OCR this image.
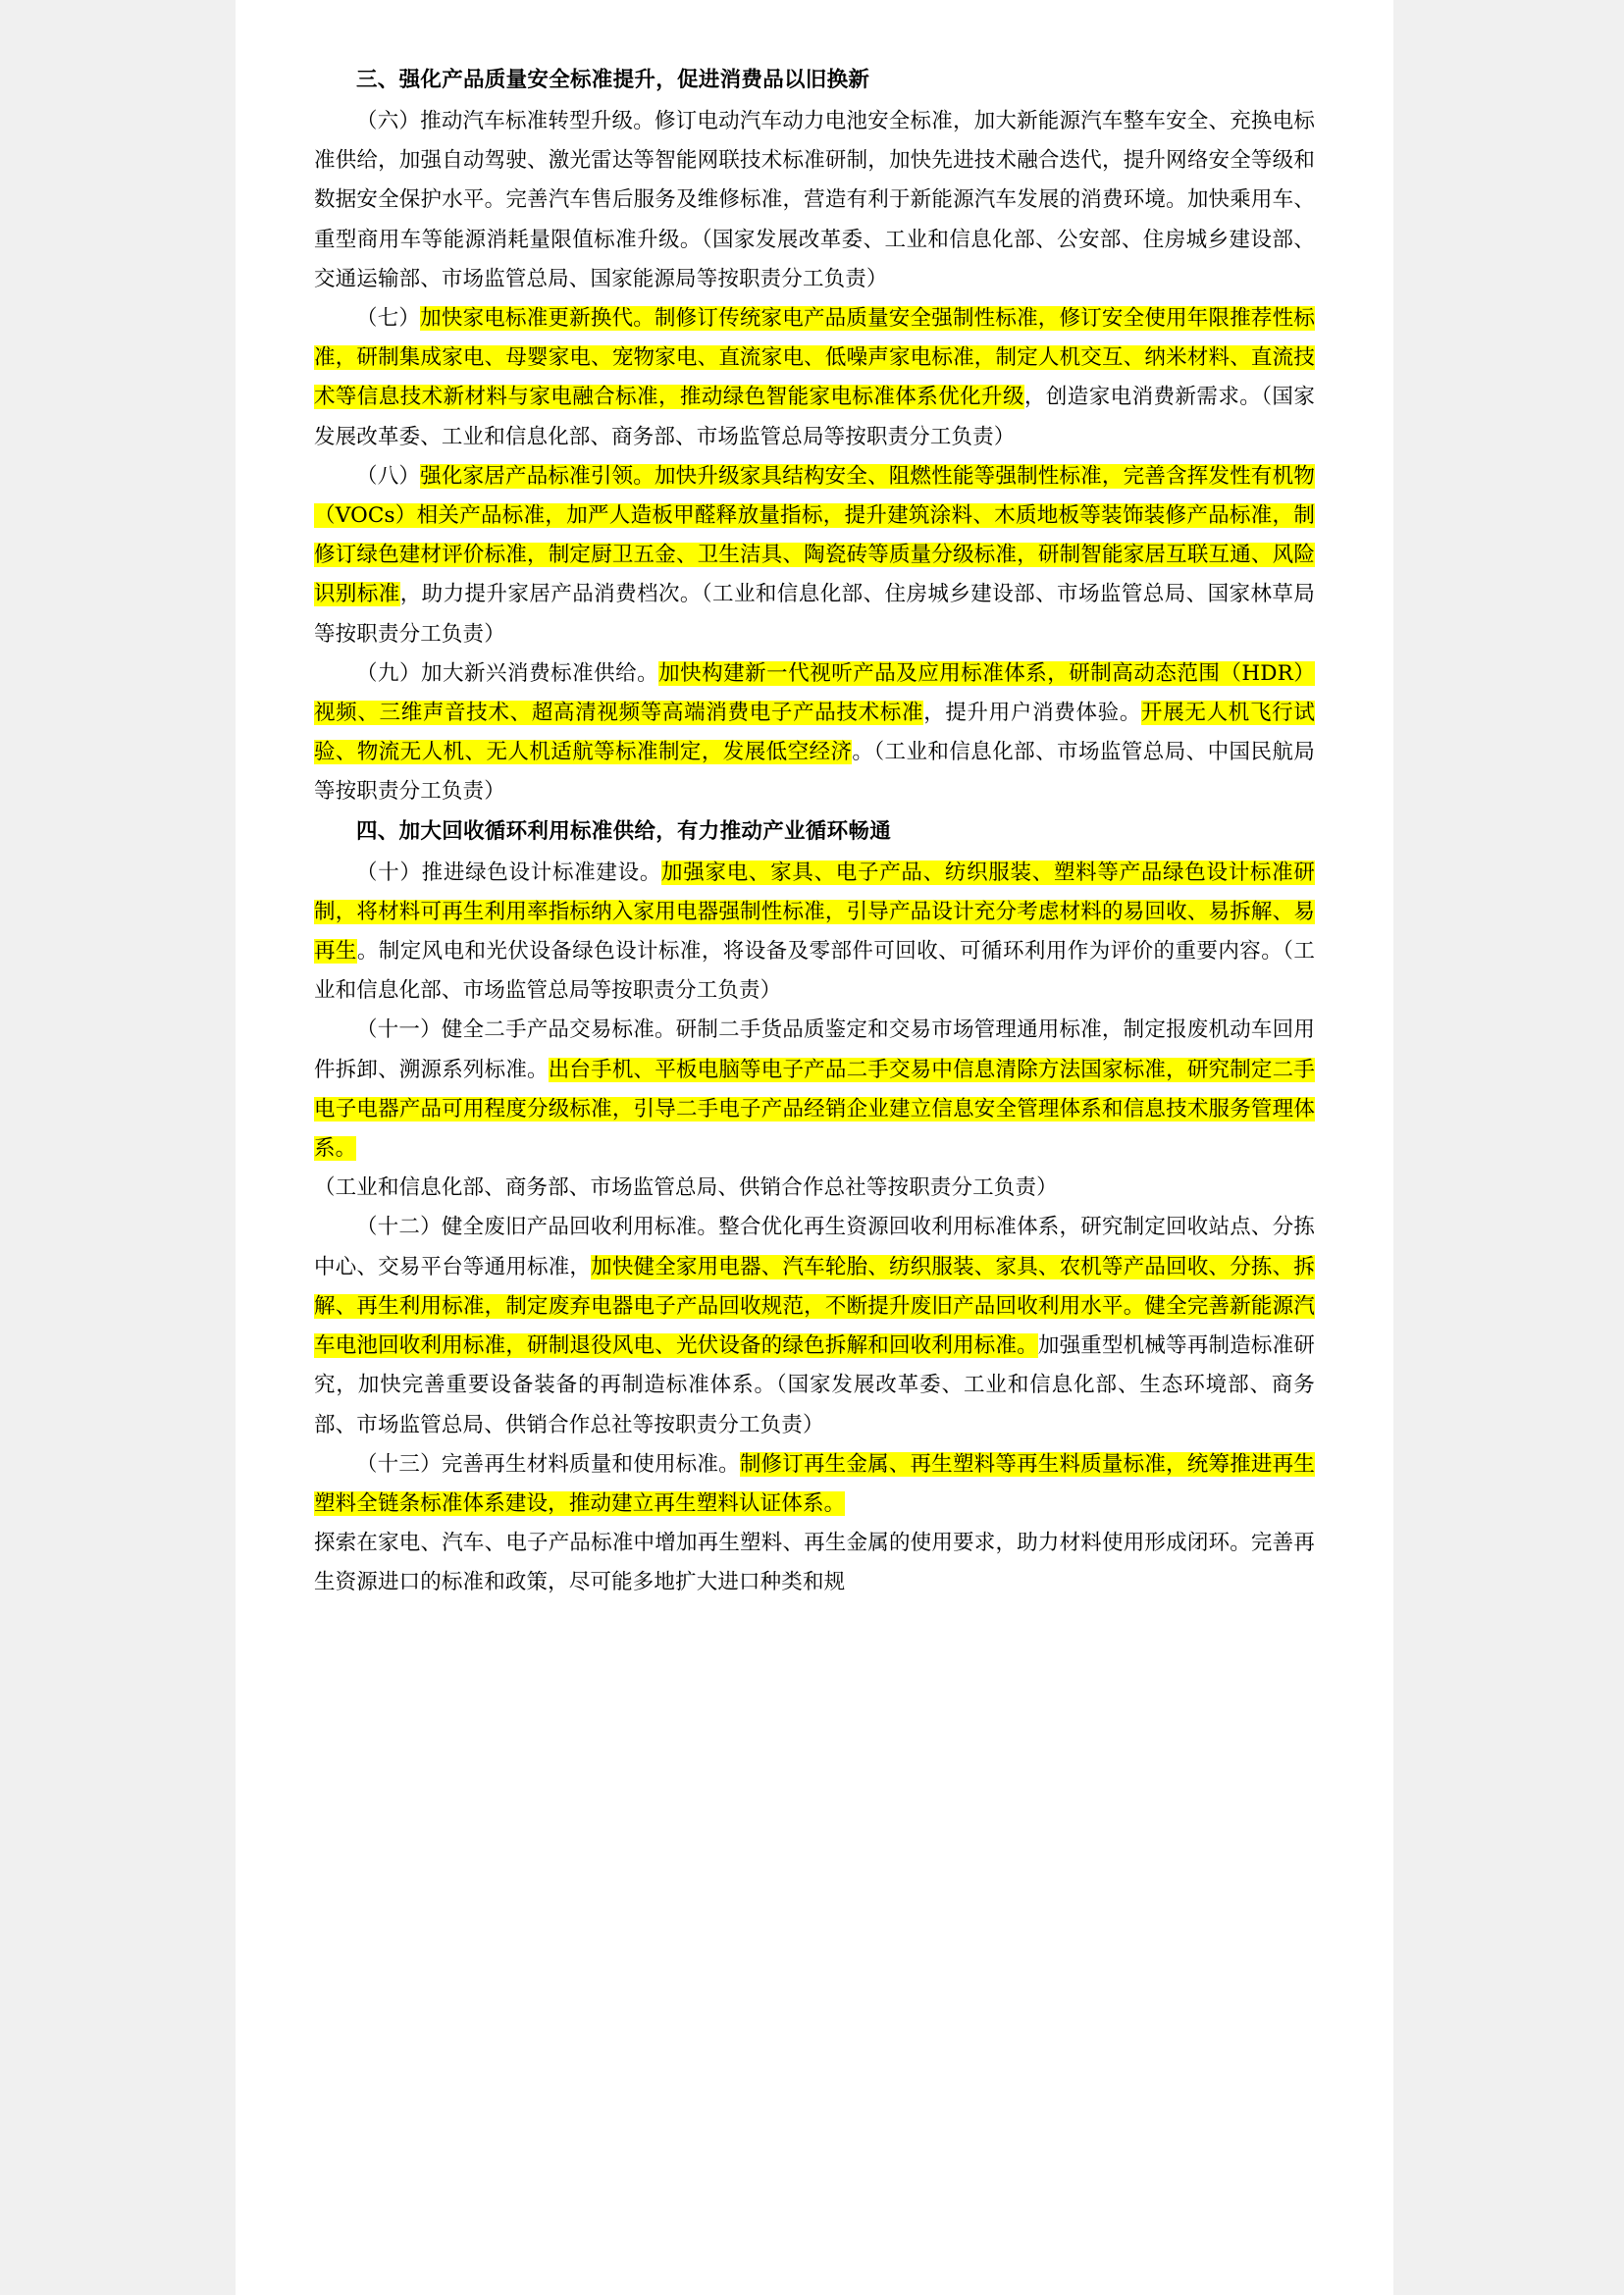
三、强化产品质量安全标准提升，促进消费品以旧换新
（六）推动汽车标准转型升级。修订电动汽车动力电池安全标准，加大新能源汽车整车安全、充换电标准供给，加强自动驾驶、激光雷达等智能网联技术标准研制，加快先进技术融合迭代，提升网络安全等级和数据安全保护水平。完善汽车售后服务及维修标准，营造有利于新能源汽车发展的消费环境。加快乘用车、重型商用车等能源消耗量限值标准升级。（国家发展改革委、工业和信息化部、公安部、住房城乡建设部、交通运输部、市场监管总局、国家能源局等按职责分工负责）
（七）加快家电标准更新换代。制修订传统家电产品质量安全强制性标准，修订安全使用年限推荐性标准，研制集成家电、母婴家电、宠物家电、直流家电、低噪声家电标准，制定人机交互、纳米材料、直流技术等信息技术新材料与家电融合标准，推动绿色智能家电标准体系优化升级，创造家电消费新需求。（国家发展改革委、工业和信息化部、商务部、市场监管总局等按职责分工负责）
（八）强化家居产品标准引领。加快升级家具结构安全、阻燃性能等强制性标准，完善含挥发性有机物（VOCs）相关产品标准，加严人造板甲醛释放量指标，提升建筑涂料、木质地板等装饰装修产品标准，制修订绿色建材评价标准，制定厨卫五金、卫生洁具、陶瓷砖等质量分级标准，研制智能家居互联互通、风险识别标准，助力提升家居产品消费档次。（工业和信息化部、住房城乡建设部、市场监管总局、国家林草局等按职责分工负责）
（九）加大新兴消费标准供给。加快构建新一代视听产品及应用标准体系，研制高动态范围（HDR）视频、三维声音技术、超高清视频等高端消费电子产品技术标准，提升用户消费体验。开展无人机飞行试验、物流无人机、无人机适航等标准制定，发展低空经济。（工业和信息化部、市场监管总局、中国民航局等按职责分工负责）
四、加大回收循环利用标准供给，有力推动产业循环畅通
（十）推进绿色设计标准建设。加强家电、家具、电子产品、纺织服装、塑料等产品绿色设计标准研制，将材料可再生利用率指标纳入家用电器强制性标准，引导产品设计充分考虑材料的易回收、易拆解、易再生。制定风电和光伏设备绿色设计标准，将设备及零部件可回收、可循环利用作为评价的重要内容。（工业和信息化部、市场监管总局等按职责分工负责）
（十一）健全二手产品交易标准。研制二手货品质鉴定和交易市场管理通用标准，制定报废机动车回用件拆卸、溯源系列标准。出台手机、平板电脑等电子产品二手交易中信息清除方法国家标准，研究制定二手电子电器产品可用程度分级标准，引导二手电子产品经销企业建立信息安全管理体系和信息技术服务管理体系。
（工业和信息化部、商务部、市场监管总局、供销合作总社等按职责分工负责）
（十二）健全废旧产品回收利用标准。整合优化再生资源回收利用标准体系，研究制定回收站点、分拣中心、交易平台等通用标准，加快健全家用电器、汽车轮胎、纺织服装、家具、农机等产品回收、分拣、拆解、再生利用标准，制定废弃电器电子产品回收规范，不断提升废旧产品回收利用水平。健全完善新能源汽车电池回收利用标准，研制退役风电、光伏设备的绿色拆解和回收利用标准。加强重型机械等再制造标准研究，加快完善重要设备装备的再制造标准体系。（国家发展改革委、工业和信息化部、生态环境部、商务部、市场监管总局、供销合作总社等按职责分工负责）
（十三）完善再生材料质量和使用标准。制修订再生金属、再生塑料等再生料质量标准，统筹推进再生塑料全链条标准体系建设，推动建立再生塑料认证体系。
探索在家电、汽车、电子产品标准中增加再生塑料、再生金属的使用要求，助力材料使用形成闭环。完善再生资源进口的标准和政策，尽可能多地扩大进口种类和规
